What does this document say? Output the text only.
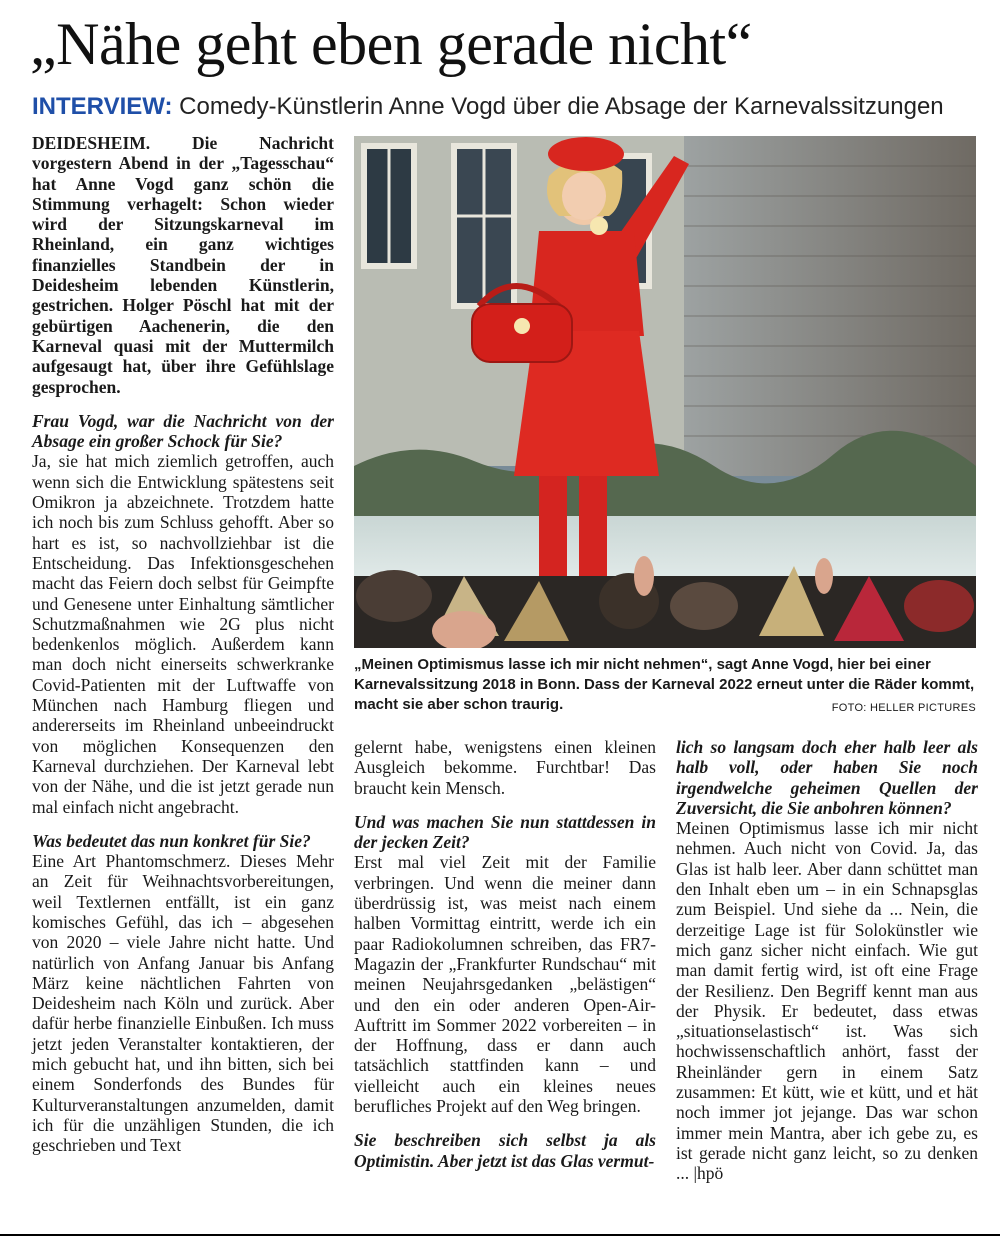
„Nähe geht eben gerade nicht“
INTERVIEW: Comedy-Künstlerin Anne Vogd über die Absage der Karnevalssitzungen

DEIDESHEIM. Die Nachricht vorgestern Abend in der „Tagesschau“ hat Anne Vogd ganz schön die Stimmung verhagelt: Schon wieder wird der Sitzungskarneval im Rheinland, ein ganz wichtiges finanzielles Standbein der in Deidesheim lebenden Künstlerin, gestrichen. Holger Pöschl hat mit der gebürtigen Aachenerin, die den Karneval quasi mit der Muttermilch aufgesaugt hat, über ihre Gefühlslage gesprochen.

Frau Vogd, war die Nachricht von der Absage ein großer Schock für Sie?

Ja, sie hat mich ziemlich getroffen, auch wenn sich die Entwicklung spätestens seit Omikron ja abzeichnete. Trotzdem hatte ich noch bis zum Schluss gehofft. Aber so hart es ist, so nachvollziehbar ist die Entscheidung. Das Infektionsgeschehen macht das Feiern doch selbst für Geimpfte und Genesene unter Einhaltung sämtlicher Schutzmaßnahmen wie 2G plus nicht bedenkenlos möglich. Außerdem kann man doch nicht einerseits schwerkranke Covid-Patienten mit der Luftwaffe von München nach Hamburg fliegen und andererseits im Rheinland unbeeindruckt von möglichen Konsequenzen den Karneval durchziehen. Der Karneval lebt von der Nähe, und die ist jetzt gerade nun mal einfach nicht angebracht.

Was bedeutet das nun konkret für Sie?

Eine Art Phantomschmerz. Dieses Mehr an Zeit für Weihnachtsvorbereitungen, weil Textlernen entfällt, ist ein ganz komisches Gefühl, das ich – abgesehen von 2020 – viele Jahre nicht hatte. Und natürlich von Anfang Januar bis Anfang März keine nächtlichen Fahrten von Deidesheim nach Köln und zurück. Aber dafür herbe finanzielle Einbußen. Ich muss jetzt jeden Veranstalter kontaktieren, der mich gebucht hat, und ihn bitten, sich bei einem Sonderfonds des Bundes für Kulturveranstaltungen anzumelden, damit ich für die unzähligen Stunden, die ich geschrieben und Text

„Meinen Optimismus lasse ich mir nicht nehmen“, sagt Anne Vogd, hier bei einer Karnevalssitzung 2018 in Bonn. Dass der Karneval 2022 erneut unter die Räder kommt, macht sie aber schon traurig.	FOTO: HELLER PICTURES

gelernt habe, wenigstens einen kleinen Ausgleich bekomme. Furchtbar! Das braucht kein Mensch.

Und was machen Sie nun stattdessen in der jecken Zeit?

Erst mal viel Zeit mit der Familie verbringen. Und wenn die meiner dann überdrüssig ist, was meist nach einem halben Vormittag eintritt, werde ich ein paar Radiokolumnen schreiben, das FR7-Magazin der „Frankfurter Rundschau“ mit meinen Neujahrsgedanken „belästigen“ und den ein oder anderen Open-Air-Auftritt im Sommer 2022 vorbereiten – in der Hoffnung, dass er dann auch tatsächlich stattfinden kann – und vielleicht auch ein kleines neues berufliches Projekt auf den Weg bringen.

Sie beschreiben sich selbst ja als Optimistin. Aber jetzt ist das Glas vermut-

lich so langsam doch eher halb leer als halb voll, oder haben Sie noch irgendwelche geheimen Quellen der Zuversicht, die Sie anbohren können?

Meinen Optimismus lasse ich mir nicht nehmen. Auch nicht von Covid. Ja, das Glas ist halb leer. Aber dann schüttet man den Inhalt eben um – in ein Schnapsglas zum Beispiel. Und siehe da ... Nein, die derzeitige Lage ist für Solokünstler wie mich ganz sicher nicht einfach. Wie gut man damit fertig wird, ist oft eine Frage der Resilienz. Den Begriff kennt man aus der Physik. Er bedeutet, dass etwas „situationselastisch“ ist. Was sich hochwissenschaftlich anhört, fasst der Rheinländer gern in einem Satz zusammen: Et kütt, wie et kütt, und et hät noch immer jot jejange. Das war schon immer mein Mantra, aber ich gebe zu, es ist gerade nicht ganz leicht, so zu denken ... |hpö
